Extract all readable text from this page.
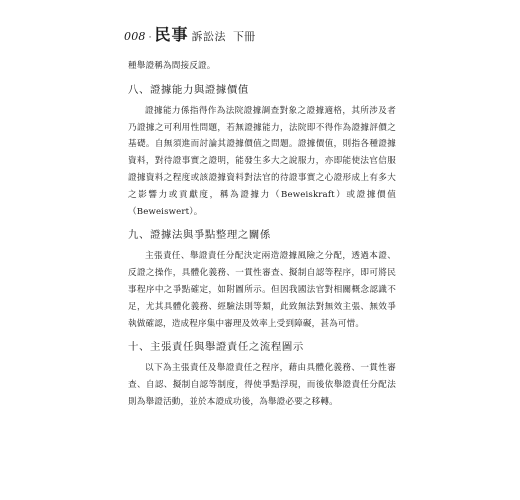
008 · 民事 訴訟法 下冊

種舉證稱為間接反證。

八、證據能力與證據價值

證據能力係指得作為法院證據調查對象之證據適格，其所涉及者乃證據之可利用性問題，若無證據能力，法院即不得作為證據評價之基礎。自無須進而討論其證據價值之問題。證據價值，則指各種證據資料，對待證事實之證明，能發生多大之說服力，亦即能使法官信服證據資料之程度或該證據資料對法官的待證事實之心證形成上有多大之影響力或貢獻度，稱為證據力（Beweiskraft）或證據價值（Beweiswert）。

九、證據法與爭點整理之關係

主張責任、舉證責任分配決定兩造證據風險之分配，透過本證、反證之操作，具體化義務、一貫性審查、擬制自認等程序，即可將民事程序中之爭點確定，如附圖所示。但因我國法官對相關概念認識不足，尤其具體化義務、經驗法則等類，此致無法對無效主張、無效爭執做確認，造成程序集中審理及效率上受到障礙，甚為可惜。

十、主張責任與舉證責任之流程圖示

以下為主張責任及舉證責任之程序，藉由具體化義務、一貫性審查、自認、擬制自認等制度，得使爭點浮現，而後依舉證責任分配法則為舉證活動，並於本證成功後，為舉證必要之移轉。
